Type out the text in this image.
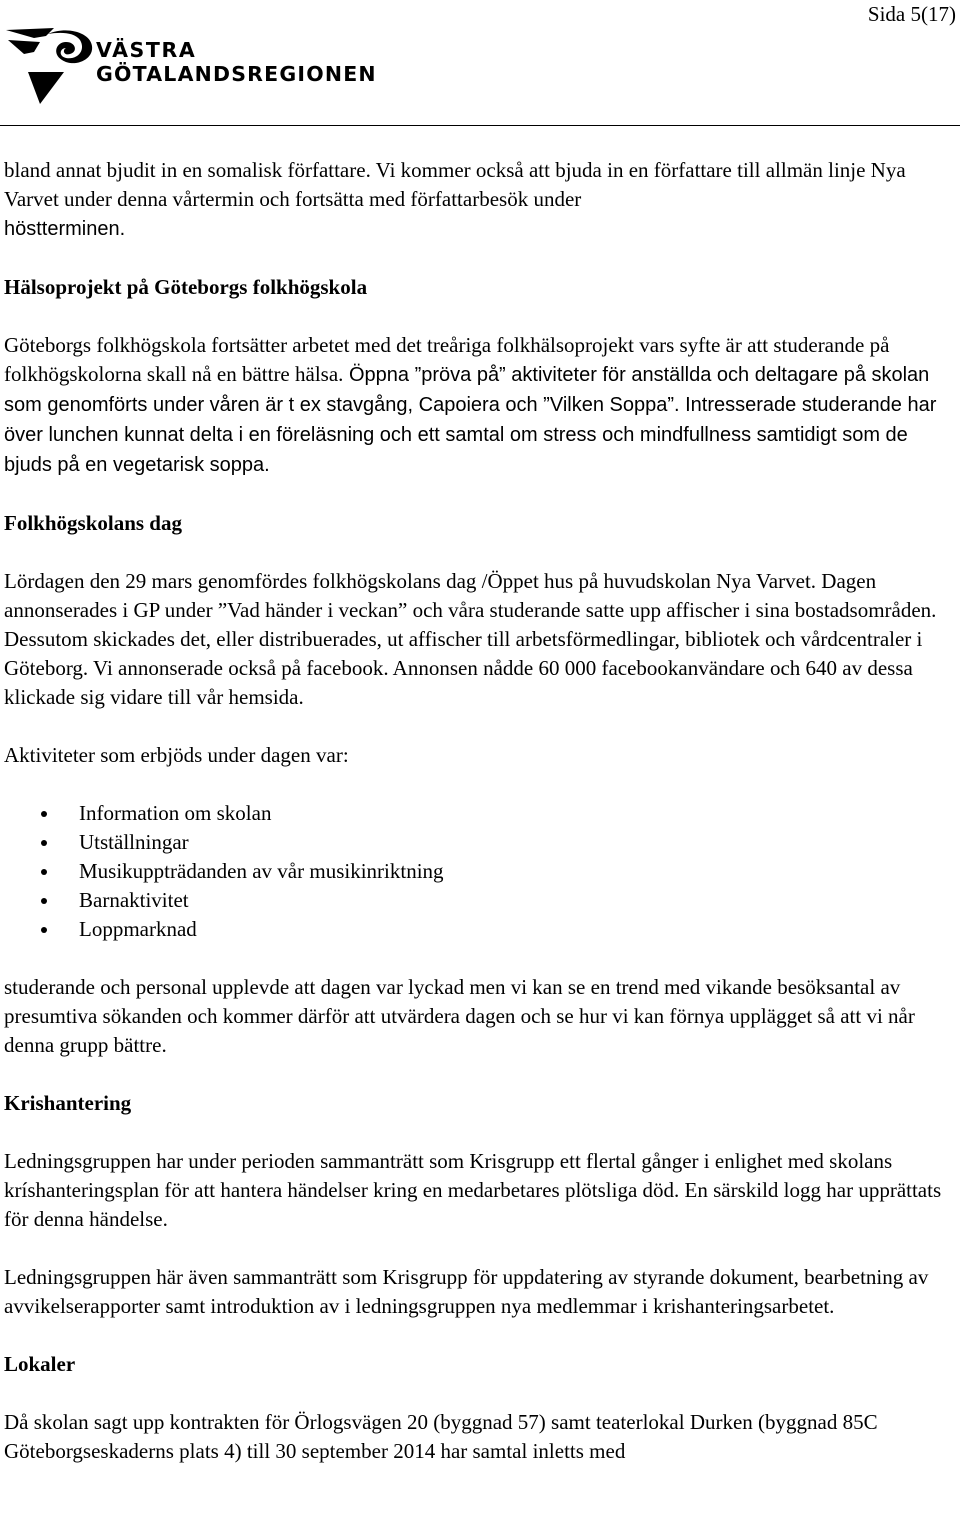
Sida 5(17)
VÄSTRA
GÖTALANDSREGIONEN

bland annat bjudit in en somalisk författare. Vi kommer också att bjuda in en författare till allmän linje Nya Varvet under denna vårtermin och fortsätta med författarbesök under
höstterminen.

Hälsoprojekt på Göteborgs folkhögskola

Göteborgs folkhögskola fortsätter arbetet med det treåriga folkhälsoprojekt vars syfte är att studerande på folkhögskolorna skall nå en bättre hälsa. Öppna ”pröva på” aktiviteter för anställda och deltagare på skolan som genomförts under våren är t ex stavgång, Capoiera och ”Vilken Soppa”. Intresserade studerande har över lunchen kunnat delta i en föreläsning och ett samtal om stress och mindfullness samtidigt som de bjuds på en vegetarisk soppa.

Folkhögskolans dag

Lördagen den 29 mars genomfördes folkhögskolans dag /Öppet hus på huvudskolan Nya Varvet. Dagen annonserades i GP under ”Vad händer i veckan” och våra studerande satte upp affischer i sina bostadsområden. Dessutom skickades det, eller distribuerades, ut affischer till arbetsförmedlingar, bibliotek och vårdcentraler i Göteborg. Vi annonserade också på facebook. Annonsen nådde 60 000 facebookanvändare och 640 av dessa klickade sig vidare till vår hemsida.

Aktiviteter som erbjöds under dagen var:

Information om skolan
Utställningar
Musikuppträdanden av vår musikinriktning
Barnaktivitet
Loppmarknad

studerande och personal upplevde att dagen var lyckad men vi kan se en trend med vikande besöksantal av presumtiva sökanden och kommer därför att utvärdera dagen och se hur vi kan förnya upplägget så att vi når denna grupp bättre.

Krishantering

Ledningsgruppen har under perioden sammanträtt som Krisgrupp ett flertal gånger i enlighet med skolans kríshanteringsplan för att hantera händelser kring en medarbetares plötsliga död. En särskild logg har upprättats för denna händelse.

Ledningsgruppen här även sammanträtt som Krisgrupp för uppdatering av styrande dokument, bearbetning av avvikelserapporter samt introduktion av i ledningsgruppen nya medlemmar i krishanteringsarbetet.

Lokaler

Då skolan sagt upp kontrakten för Örlogsvägen 20 (byggnad 57) samt teaterlokal Durken (byggnad 85C Göteborgseskaderns plats 4) till 30 september 2014 har samtal inletts med
